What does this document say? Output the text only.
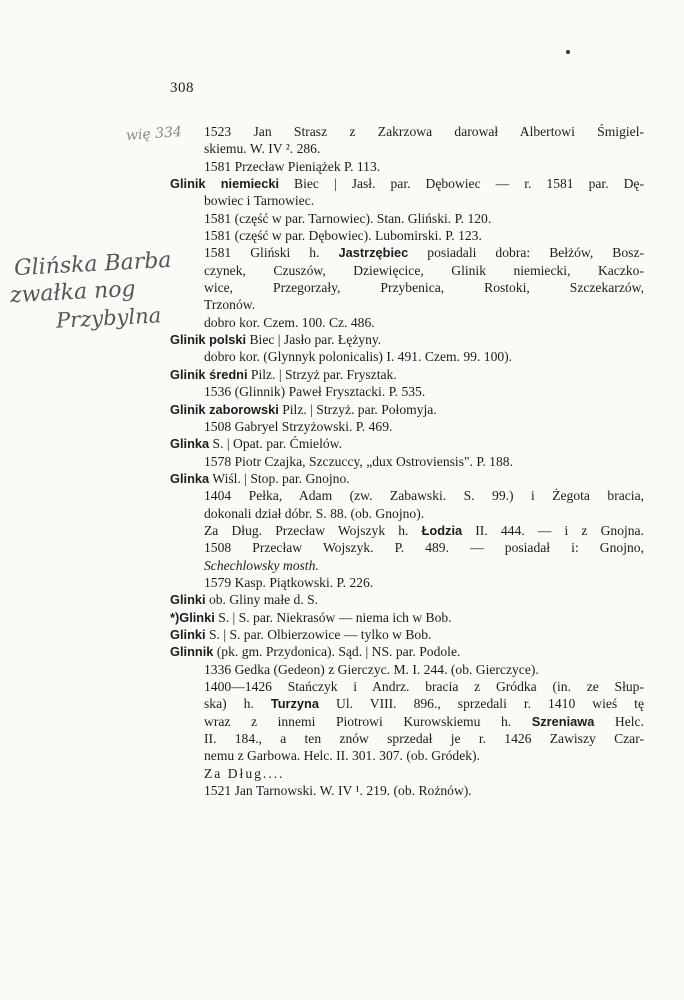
308
wię 334
Glińska Barba
zwałka nog
Przybylna
1523 Jan Strasz z Zakrzowa darował Albertowi Śmigiel-
skiemu. W. IV ². 286.
1581 Przecław Pieniążek P. 113.
Glinik niemiecki Biec | Jasł. par. Dębowiec — r. 1581 par. Dę-
bowiec i Tarnowiec.
1581 (część w par. Tarnowiec). Stan. Gliński. P. 120.
1581 (część w par. Dębowiec). Lubomirski. P. 123.
1581 Gliński h. Jastrzębiec posiadali dobra: Bełżów, Bosz-
czynek, Czuszów, Dziewięcice, Glinik niemiecki, Kaczko-
wice, Przegorzały, Przybenica, Rostoki, Szczekarzów,
Trzonów.
dobro kor. Czem. 100. Cz. 486.
Glinik polski Biec | Jasło par. Łężyny.
dobro kor. (Glynnyk polonicalis) I. 491. Czem. 99. 100).
Glinik średni Pilz. | Strzyż par. Frysztak.
1536 (Glinnik) Paweł Frysztacki. P. 535.
Glinik zaborowski Pilz. | Strzyż. par. Połomyja.
1508 Gabryel Strzyżowski. P. 469.
Glinka S. | Opat. par. Ćmielów.
1578 Piotr Czajka, Szczuccy, „dux Ostroviensis". P. 188.
Glinka Wiśl. | Stop. par. Gnojno.
1404 Pełka, Adam (zw. Zabawski. S. 99.) i Żegota bracia,
dokonali dział dóbr. S. 88. (ob. Gnojno).
Za Dług. Przecław Wojszyk h. Łodzia II. 444. — i z Gnojna.
1508 Przecław Wojszyk. P. 489. — posiadał i: Gnojno,
Schechlowsky mosth.
1579 Kasp. Piątkowski. P. 226.
Glinki ob. Gliny małe d. S.
*)Glinki S. | S. par. Niekrasów — niema ich w Bob.
Glinki S. | S. par. Olbierzowice — tylko w Bob.
Glinnik (pk. gm. Przydonica). Sąd. | NS. par. Podole.
1336 Gedka (Gedeon) z Gierczyc. M. I. 244. (ob. Gierczyce).
1400—1426 Stańczyk i Andrz. bracia z Gródka (in. ze Słup-
ska) h. Turzyna Ul. VIII. 896., sprzedali r. 1410 wieś tę
wraz z innemi Piotrowi Kurowskiemu h. Szreniawa Helc.
II. 184., a ten znów sprzedał je r. 1426 Zawiszy Czar-
nemu z Garbowa. Helc. II. 301. 307. (ob. Gródek).
Za Dług....
1521 Jan Tarnowski. W. IV ¹. 219. (ob. Rożnów).
